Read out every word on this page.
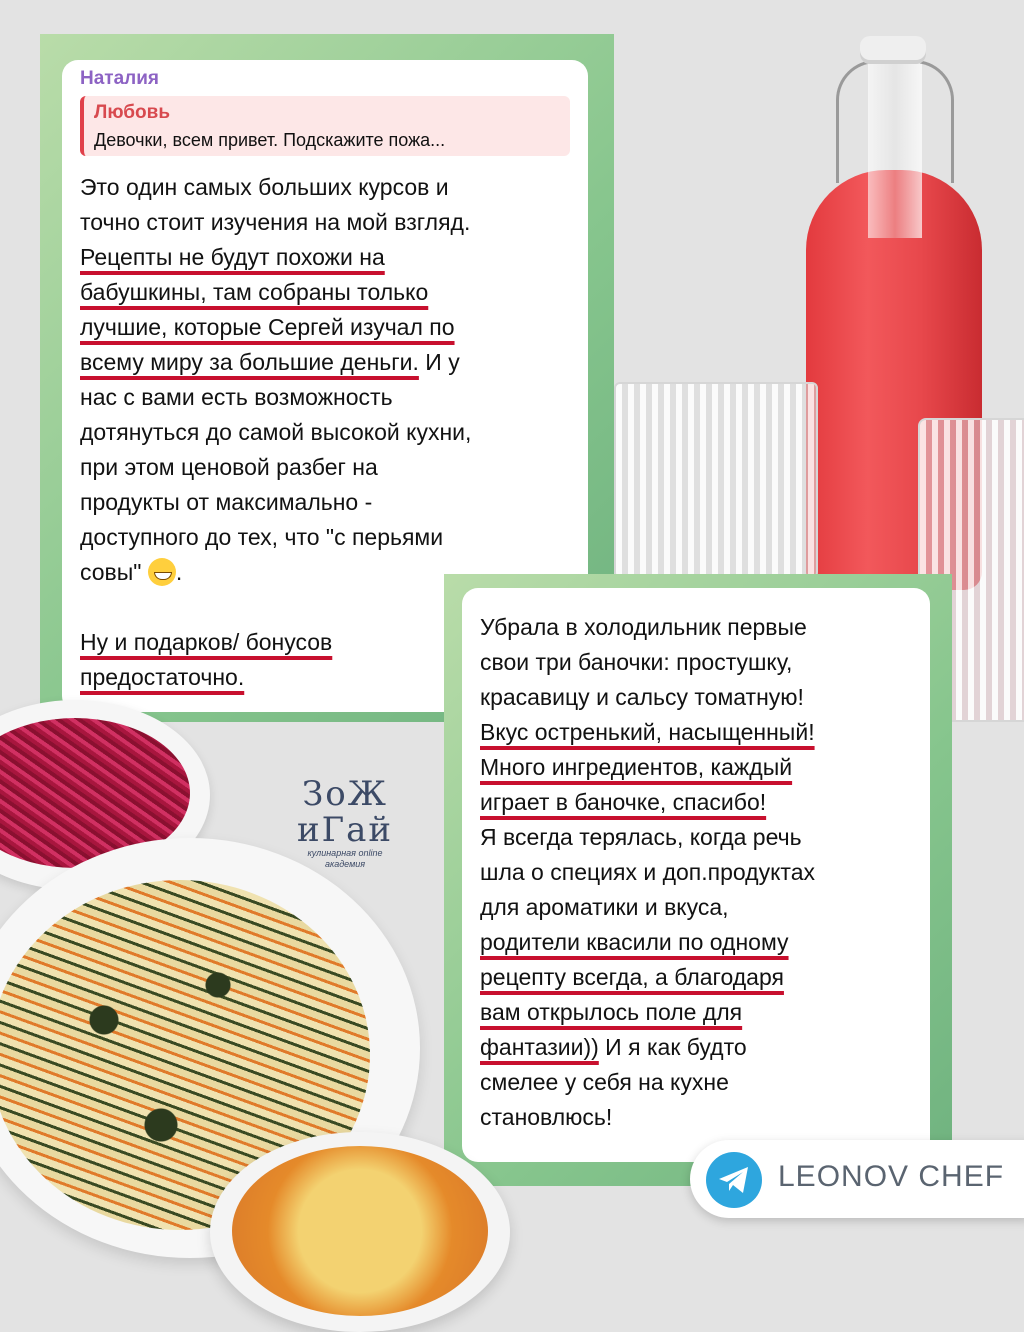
Наталия
Любовь
Девочки, всем привет. Подскажите пожа...
Это один самых больших курсов и
точно стоит изучения на мой взгляд.
Рецепты не будут похожи на
бабушкины, там собраны только
лучшие, которые Сергей изучал по
всему миру за большие деньги. И у
нас с вами есть возможность
дотянуться до самой высокой кухни,
при этом ценовой разбег на
продукты от максимально -
доступного до тех, что "с перьями
совы" .
Ну и подарков/ бонусов
предостаточно.
ЗоЖ
иГай
кулинарная online академия
Убрала в холодильник первые
свои три баночки: простушку,
красавицу и сальсу томатную!
Вкус остренький, насыщенный!
Много ингредиентов, каждый
играет в баночке, спасибо!
Я всегда терялась, когда речь
шла о специях и доп.продуктах
для ароматики и вкуса,
родители квасили по одному
рецепту всегда, а благодаря
вам открылось поле для
фантазии)) И я как будто
смелее у себя на кухне
становлюсь!
LEONOV CHEF
